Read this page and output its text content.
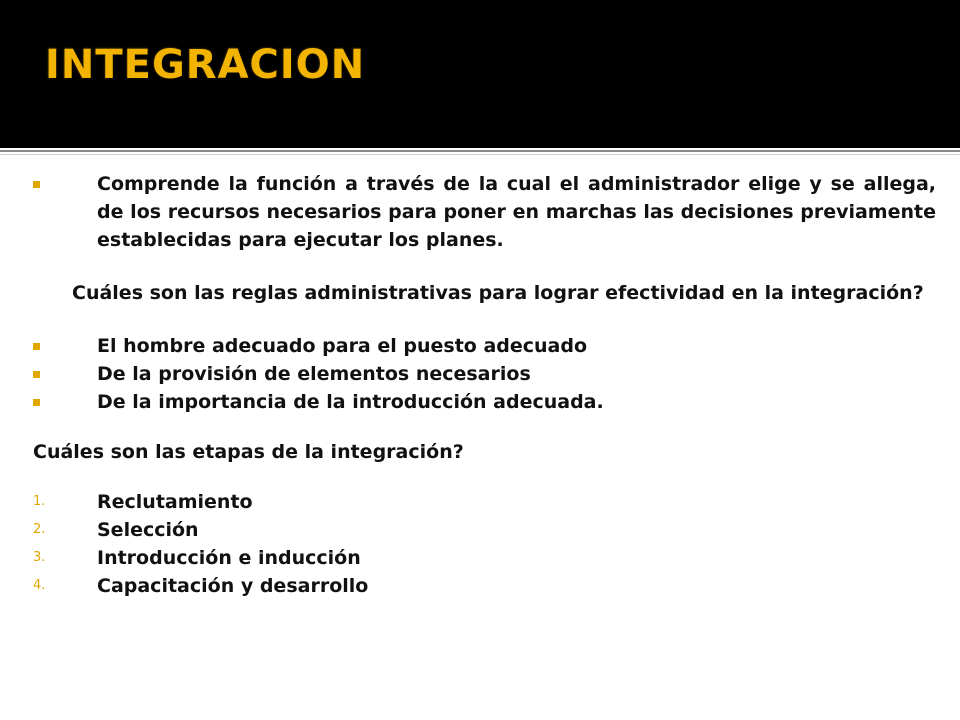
INTEGRACION
Comprende la función a través de la cual el administrador elige y se allega, de los recursos necesarios para poner en marchas las decisiones previamente establecidas para ejecutar los planes.
Cuáles son las reglas administrativas para lograr efectividad en la integración?
El hombre adecuado para el puesto adecuado
De la provisión de elementos necesarios
De la importancia de la introducción adecuada.
Cuáles son las etapas de la integración?
1.	Reclutamiento
2.	Selección
3.	Introducción e inducción
4.	Capacitación y desarrollo
